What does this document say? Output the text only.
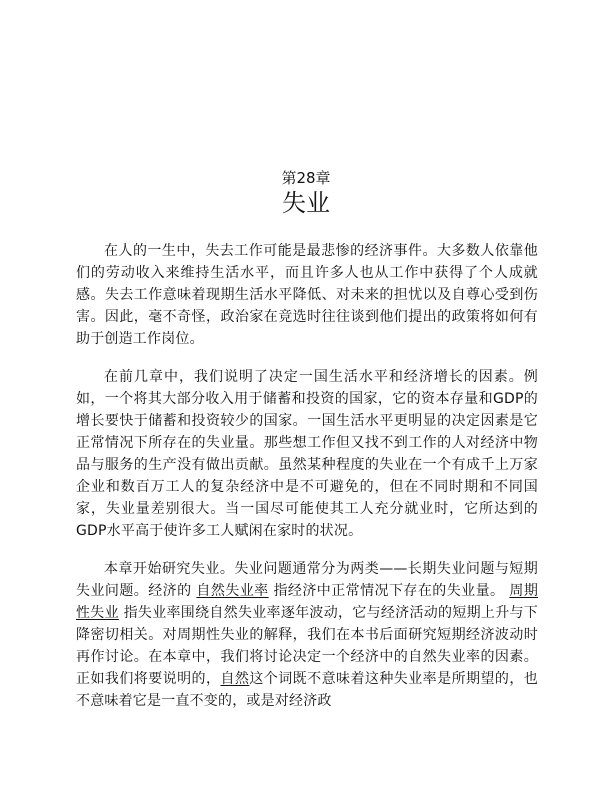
第28章
失业

在人的一生中，失去工作可能是最悲惨的经济事件。大多数人依靠他们的劳动收入来维持生活水平，而且许多人也从工作中获得了个人成就感。失去工作意味着现期生活水平降低、对未来的担忧以及自尊心受到伤害。因此，毫不奇怪，政治家在竞选时往往谈到他们提出的政策将如何有助于创造工作岗位。

在前几章中，我们说明了决定一国生活水平和经济增长的因素。例如，一个将其大部分收入用于储蓄和投资的国家，它的资本存量和GDP的增长要快于储蓄和投资较少的国家。一国生活水平更明显的决定因素是它正常情况下所存在的失业量。那些想工作但又找不到工作的人对经济中物品与服务的生产没有做出贡献。虽然某种程度的失业在一个有成千上万家企业和数百万工人的复杂经济中是不可避免的，但在不同时期和不同国家，失业量差别很大。当一国尽可能使其工人充分就业时，它所达到的GDP水平高于使许多工人赋闲在家时的状况。

本章开始研究失业。失业问题通常分为两类——长期失业问题与短期失业问题。经济的 自然失业率 指经济中正常情况下存在的失业量。 周期性失业 指失业率围绕自然失业率逐年波动，它与经济活动的短期上升与下降密切相关。对周期性失业的解释，我们在本书后面研究短期经济波动时再作讨论。在本章中，我们将讨论决定一个经济中的自然失业率的因素。正如我们将要说明的，自然这个词既不意味着这种失业率是所期望的，也不意味着它是一直不变的，或是对经济政
